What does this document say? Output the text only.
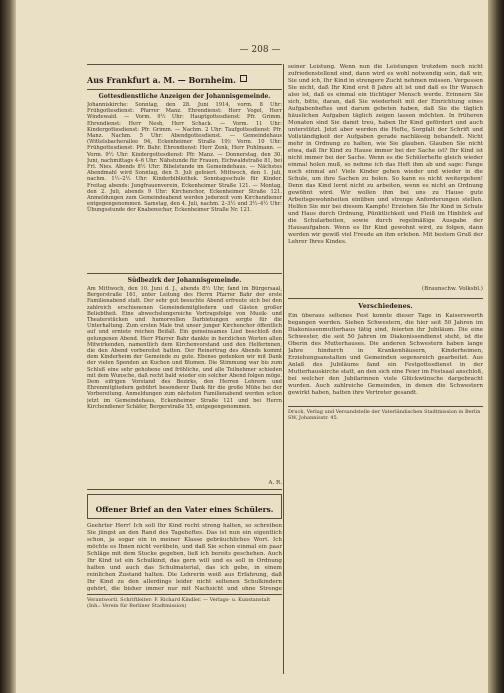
— 208 —
Aus Frankfurt a. M. — Bornheim.
Gottesdienstliche Anzeigen der Johannisgemeinde.
Johanniskirche: Sonntag, den 28. Juni 1914, vorm. 8 Uhr: Frühgottesdienst: Pfarrer Manz. Ehrendienst: Herr Vogel, Herr Windewald. — Vorm. 9½ Uhr: Hauptgottesdienst: Pfr. Grimm. Ehrendienst: Herr Nesb, Herr Schack. — Vorm. 11 Uhr: Kindergottesdienst: Pfr. Grimm. — Nachm. 2 Uhr: Taufgottesdienst: Pfr. Manz. Nachm. 5 Uhr: Abendgottesdienst. — Gemeindehaus (Wittelsbacherallee 94, Eckenheimer Straße 19): Vorm. 10 Uhr: Frühgottesdienst: Pfr. Bahr. Ehrendienst: Herr Zenk, Herr Puhlmann. — Vorm. 9½ Uhr: Kindergottesdienst: Pfr. Manz. — Donnerstag, den 30. Juni, nachmittags 4–6 Uhr: Nähstunde für Frauen, Eichwaldstraße 81, bei Frl. Nies. Abends 8½ Uhr: Bibelstunde im Gemeindehaus. — Nächstes Abendmahl wird Sonntag, den 5. Juli gefeiert. Mittwoch, den 1. Juli, nachm. 1½–2½ Uhr: Kinderbibliothek. Sonntagsschule für Kinder. Freitag abends: Jungfrauenverein, Eckenheimer Straße 121. — Montag, den 2. Juli, abends 9 Uhr: Kirchenchor, Eckenheimer Straße 121. Anmeldungen zum Gemeindeabend werden jederzeit vom Kirchendiener entgegengenommen. Samstag, den 4. Juli, nachm. 2–3½ und 3½–4½ Uhr: Übungsstunde der Knabenschar, Eckenheimer Straße Nr. 121.
Südbezirk der Johannisgemeinde.
Am Mittwoch, den 10. Juni d. J., abends 8½ Uhr, fand im Bürgersaal, Bergerstraße 161, unter Leitung des Herrn Pfarrer Bahr der erste Familienabend statt. Der sehr gut besuchte Abend erfreute sich bei den zahlreich erschienenen Gemeindemitgliedern und Gästen großer Beliebtheit. Eine abwechslungsreiche Vortragsfolge von Musik- und Theaterstücken und humorvollen Darbietungen sorgte für die Unterhaltung. Zum ersten Male trat unser junger Kirchenchor öffentlich auf und erntete reichen Beifall. Ein gemeinsames Lied beschloß den gelungenen Abend. Herr Pfarrer Bahr dankte in herzlichen Worten allen Mitwirkenden, namentlich dem Kirchenvorstand und den Helferinnen, die den Abend vorbereitet hatten. Der Reinertrag des Abends kommt dem Kinderheim der Gemeinde zu gute. Ebenso gedenken wir mit Dank der vielen Spenden an Kuchen und Blumen. Die Stimmung war bis zum Schluß eine sehr gehobene und fröhliche, und alle Teilnehmer schieden mit dem Wunsche, daß recht bald wieder ein solcher Abend folgen möge. Dem eifrigen Vorstand des Bezirks, den Herren Lehrern und Ehrenmitgliedern gebührt besonderer Dank für die große Mühe bei der Vorbereitung. Anmeldungen zum nächsten Familienabend werden schon jetzt im Gemeindehaus, Eckenheimer Straße 121 und bei Herrn Kirchendiener Schäfer, Bergerstraße 55, entgegengenommen.
A. R.
Offener Brief an den Vater eines Schülers.
Geehrter Herr! Ich soll Ihr Kind recht streng halten, so schreiben Sie jüngst an den Rand des Tageheftes. Das ist nun ein eigentlich schon, ja sogar ein in meiner Klasse gebräuchliches Wort. Ich möchte es Ihnen nicht verübeln, und daß Sie schon einmal ein paar Schläge mit dem Stocke gegeben, ließ ich bereits geschehen. Auch Ihr Kind ist ein Schulkind, das gern will und es soll in Ordnung halten und auch das Schulmaterial, das ich gebe, in einem reinlichen Zustand halten. Die Lehrerin weiß aus Erfahrung, daß Ihr Kind zu den allerdings leider nicht seltenen Schulkindern gehört, die bisher immer nur mit Nachsicht und ohne Strenge
Verantwortl. Schriftleiter: F. Richard Kindler. — Verlags- u. Kunstanstalt (Inh.: Verein für Berliner Stadtmission)
seiner Leistung. Wenn nun die Leistungen trotzdem noch nicht zufriedenstellend sind, dann wird es wohl notwendig sein, daß wir, Sie und ich, Ihr Kind in strengere Zucht nehmen müssen. Vergessen Sie nicht, daß Ihr Kind erst 8 Jahre alt ist und daß es Ihr Wunsch also ist, daß es einmal ein tüchtiger Mensch werde. Erinnern Sie sich, bitte, daran, daß Sie wiederholt mit der Einrichtung eines Aufgabenheftes und darum gebeten haben, daß Sie die täglich häuslichen Aufgaben täglich zeigen lassen möchten. In früheren Monaten sind Sie damit treu, haben Ihr Kind gefördert und auch unterstützt. Jetzt aber werden die Hefte, Sorgfalt der Schrift und Vollständigkeit der Aufgaben gerade nachlässig behandelt. Nicht mehr in Ordnung zu halten, wie Sie glauben. Glauben Sie nicht etwa, daß Ihr Kind zu Hause immer bei der Sache ist? Ihr Kind ist nicht immer bei der Sache. Wenn es die Schülerhefte gleich wieder einmal holen muß, so nehme ich das Heft ihm ab und sage: Fange noch einmal an! Viele Kinder gehen wieder und wieder in die Schule, um ihre Sachen zu holen. So kann es nicht weitergehen! Denn das Kind lernt nicht zu arbeiten, wenn es nicht an Ordnung gewöhnt wird. Wir wollen ihm bei uns zu Hause gute Arbeitsgewohnheiten einüben und strenge Anforderungen stellen. Helfen Sie mir bei diesem Kampfe! Erziehen Sie Ihr Kind in Schule und Haus durch Ordnung, Pünktlichkeit und Fleiß im Hinblick auf die Schularbeiten, sowie durch regelmäßige Ausgabe der Hausaufgaben. Wenn es Ihr Kind gewohnt wird, zu folgen, dann werden wir gewiß viel Freude an ihm erleben. Mit bestem Gruß der Lehrer Ihres Kindes.
(Braunschw. Volksbl.)
Verschiedenes.
Ein überaus seltenes Fest konnte dieser Tage in Kaiserswerth begangen werden. Sieben Schwestern, die hier seit 50 Jahren im Diakonissenmutterhaus tätig sind, feierten ihr Jubiläum. Die eine Schwester, die seit 50 Jahren im Diakonissendienst steht, ist die Oberin des Mutterhauses. Die anderen Schwestern haben lange Jahre hindurch in Krankenhäusern, Kinderheimen, Erziehungsanstalten und Gemeinden segensreich gearbeitet. Aus Anlaß des Jubiläums fand ein Festgottesdienst in der Mutterhauskirche statt, an den sich eine Feier im Festsaal anschloß, bei welcher den Jubilarinnen viele Glückwünsche dargebracht wurden. Auch zahlreiche Gemeinden, in denen die Schwestern gewirkt haben, hatten ihre Vertreter gesandt.
Druck, Verlag und Versandstelle der Vaterländischen Stadtmission in Berlin SW, Johannisstr. 45.
